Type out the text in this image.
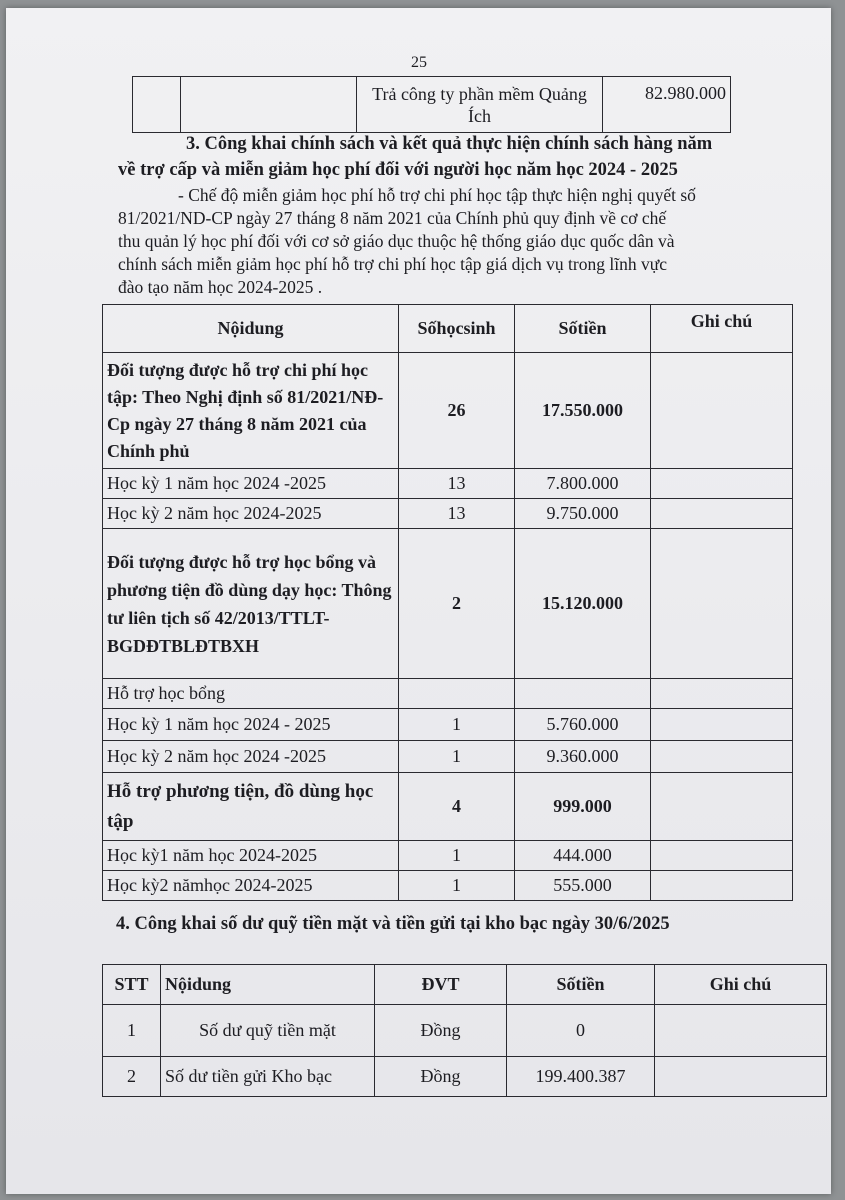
25
		Trả công ty phần mềm Quảng Ích	82.980.000
3. Công khai chính sách và kết quả thực hiện chính sách hàng năm
về trợ cấp và miễn giảm học phí đối với người học năm học 2024 - 2025
- Chế độ miễn giảm học phí hỗ trợ chi phí học tập thực hiện nghị quyết số
81/2021/ND-CP ngày 27 tháng 8 năm 2021 của Chính phủ quy định về cơ chế
thu quản lý học phí đối với cơ sở giáo dục thuộc hệ thống giáo dục quốc dân và
chính sách miễn giảm học phí hỗ trợ chi phí học tập giá dịch vụ trong lĩnh vực
đào tạo năm học 2024-2025 .
Nộidung	Sốhọcsinh	Sốtiền	Ghi chú
Đối tượng được hỗ trợ chi phí học tập: Theo Nghị định số 81/2021/NĐ-Cp ngày 27 tháng 8 năm 2021 của Chính phủ	26	17.550.000	
Học kỳ 1 năm học 2024 -2025	13	7.800.000	
Học kỳ 2 năm học 2024-2025	13	9.750.000	
Đối tượng được hỗ trợ học bổng và phương tiện đồ dùng dạy học: Thông tư liên tịch số 42/2013/TTLT-BGDĐTBLĐTBXH	2	15.120.000	
Hỗ trợ học bổng			
Học kỳ 1 năm học 2024 - 2025	1	5.760.000	
Học kỳ 2 năm học 2024 -2025	1	9.360.000	
Hỗ trợ phương tiện, đồ dùng học tập	4	999.000	
Học kỳ1 năm học 2024-2025	1	444.000	
Học kỳ2 nămhọc 2024-2025	1	555.000	
4. Công khai số dư quỹ tiền mặt và tiền gửi tại kho bạc ngày 30/6/2025
STT	Nộidung	ĐVT	Sốtiền	Ghi chú
1	Số dư quỹ tiền mặt	Đồng	0	
2	Số dư tiền gửi Kho bạc	Đồng	199.400.387	
